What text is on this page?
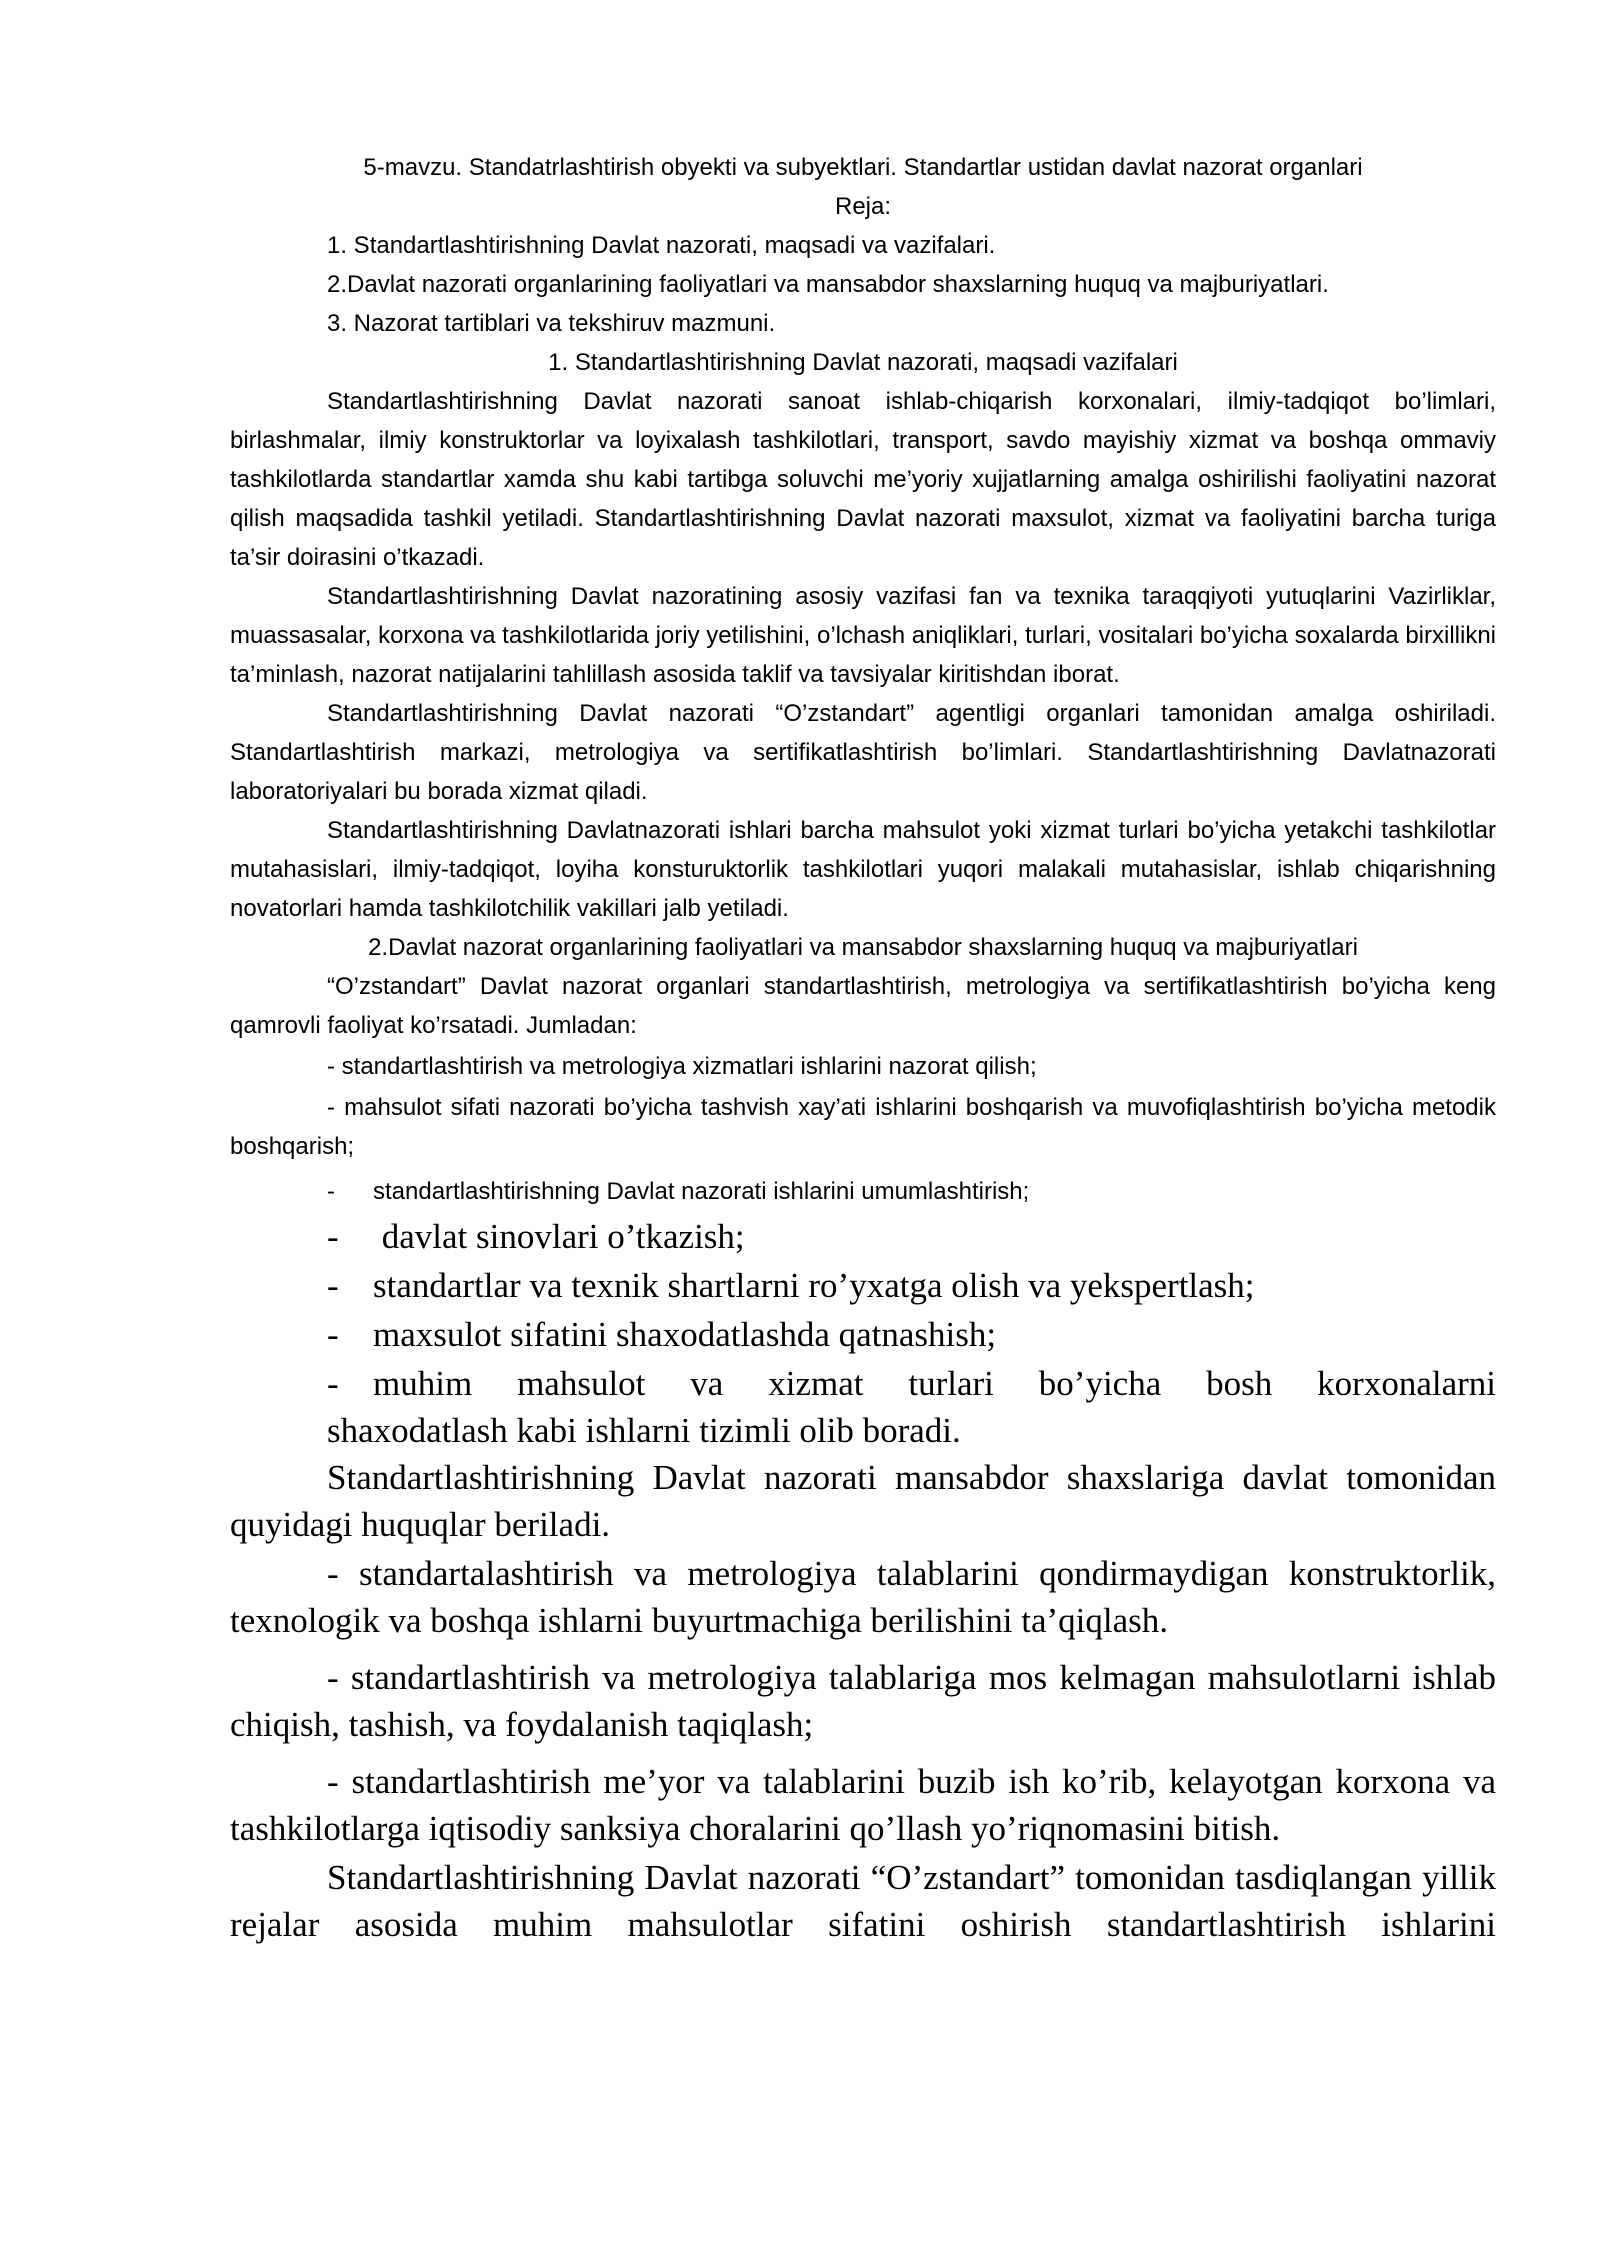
5-mavzu. Standatrlashtirish obyekti va subyektlari. Standartlar ustidan davlat nazorat organlari

Reja:

1. Standartlashtirishning Davlat nazorati, maqsadi va vazifalari.

2.Davlat nazorati organlarining faoliyatlari va mansabdor shaxslarning huquq va majburiyatlari.

3. Nazorat tartiblari va tekshiruv mazmuni.

1. Standartlashtirishning Davlat nazorati, maqsadi vazifalari

Standartlashtirishning Davlat nazorati sanoat ishlab-chiqarish korxonalari, ilmiy-tadqiqot bo’limlari, birlashmalar, ilmiy konstruktorlar va loyixalash tashkilotlari, transport, savdo mayishiy xizmat va boshqa ommaviy tashkilotlarda standartlar xamda shu kabi tartibga soluvchi me’yoriy xujjatlarning amalga oshirilishi faoliyatini nazorat qilish maqsadida tashkil yetiladi. Standartlashtirishning Davlat nazorati maxsulot, xizmat va faoliyatini barcha turiga ta’sir doirasini o’tkazadi.

Standartlashtirishning Davlat nazoratining asosiy vazifasi fan va texnika taraqqiyoti yutuqlarini Vazirliklar, muassasalar, korxona va tashkilotlarida joriy yetilishini, o’lchash aniqliklari, turlari, vositalari bo’yicha soxalarda birxillikni ta’minlash, nazorat natijalarini tahlillash asosida taklif va tavsiyalar kiritishdan iborat.

Standartlashtirishning Davlat nazorati “O’zstandart” agentligi organlari tamonidan amalga oshiriladi. Standartlashtirish markazi, metrologiya va sertifikatlashtirish bo’limlari. Standartlashtirishning Davlatnazorati laboratoriyalari bu borada xizmat qiladi.

Standartlashtirishning Davlatnazorati ishlari barcha mahsulot yoki xizmat turlari bo’yicha yetakchi tashkilotlar mutahasislari, ilmiy-tadqiqot, loyiha konsturuktorlik tashkilotlari yuqori malakali mutahasislar, ishlab chiqarishning novatorlari hamda tashkilotchilik vakillari jalb yetiladi.

2.Davlat nazorat organlarining faoliyatlari va mansabdor shaxslarning huquq va majburiyatlari

“O’zstandart” Davlat nazorat organlari standartlashtirish, metrologiya va sertifikatlashtirish bo’yicha keng qamrovli faoliyat ko’rsatadi. Jumladan:

- standartlashtirish va metrologiya xizmatlari ishlarini nazorat qilish;

- mahsulot sifati nazorati bo’yicha tashvish xay’ati ishlarini boshqarish va muvofiqlashtirish bo’yicha metodik boshqarish;

-	standartlashtirishning Davlat nazorati ishlarini umumlashtirish;
- davlat sinovlari o’tkazish;
- standartlar va texnik shartlarni ro’yxatga olish va yekspertlash;
- maxsulot sifatini shaxodatlashda qatnashish;
- muhim mahsulot va xizmat turlari bo’yicha bosh korxonalarni
shaxodatlash kabi ishlarni tizimli olib boradi.

Standartlashtirishning Davlat nazorati mansabdor shaxslariga davlat tomonidan quyidagi huquqlar beriladi.

- standartalashtirish va metrologiya talablarini qondirmaydigan konstruktorlik, texnologik va boshqa ishlarni buyurtmachiga berilishini ta’qiqlash.

- standartlashtirish va metrologiya talablariga mos kelmagan mahsulotlarni ishlab chiqish, tashish, va foydalanish taqiqlash;

- standartlashtirish me’yor va talablarini buzib ish ko’rib, kelayotgan korxona va tashkilotlarga iqtisodiy sanksiya choralarini qo’llash yo’riqnomasini bitish.

Standartlashtirishning Davlat nazorati “O’zstandart” tomonidan tasdiqlangan yillik rejalar asosida muhim mahsulotlar sifatini oshirish standartlashtirish ishlarini
